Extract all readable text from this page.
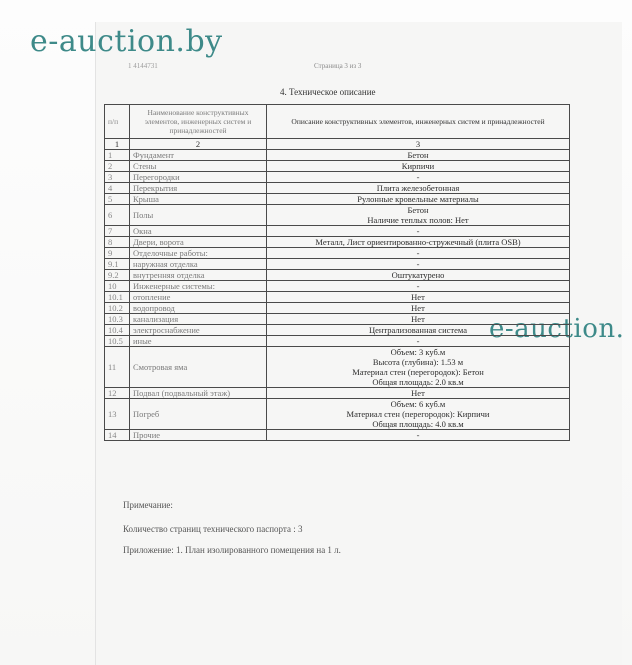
e-auction.by
e-auction.
1 4144731	Страница 3 из 3
4. Техническое описание
п/п	Наименование конструктивных элементов, инженерных систем и принадлежностей	Описание конструктивных элементов, инженерных систем и принадлежностей
1	2	3
1	Фундамент	Бетон
2	Стены	Кирпичи
3	Перегородки	-
4	Перекрытия	Плита железобетонная
5	Крыша	Рулонные кровельные материалы
6	Полы	Бетон
Наличие теплых полов: Нет
7	Окна	-
8	Двери, ворота	Металл, Лист ориентированно-стружечный (плита OSB)
9	Отделочные работы:	-
9.1	наружная отделка	-
9.2	внутренняя отделка	Оштукатурено
10	Инженерные системы:	-
10.1	отопление	Нет
10.2	водопровод	Нет
10.3	канализация	Нет
10.4	электроснабжение	Централизованная система
10.5	иные	-
11	Смотровая яма	Объем: 3 куб.м
Высота (глубина): 1.53 м
Материал стен (перегородок): Бетон
Общая площадь: 2.0 кв.м
12	Подвал (подвальный этаж)	Нет
13	Погреб	Объем: 6 куб.м
Материал стен (перегородок): Кирпичи
Общая площадь: 4.0 кв.м
14	Прочие	-
Примечание:
Количество страниц технического паспорта : 3
Приложение: 1. План изолированного помещения на 1 л.
